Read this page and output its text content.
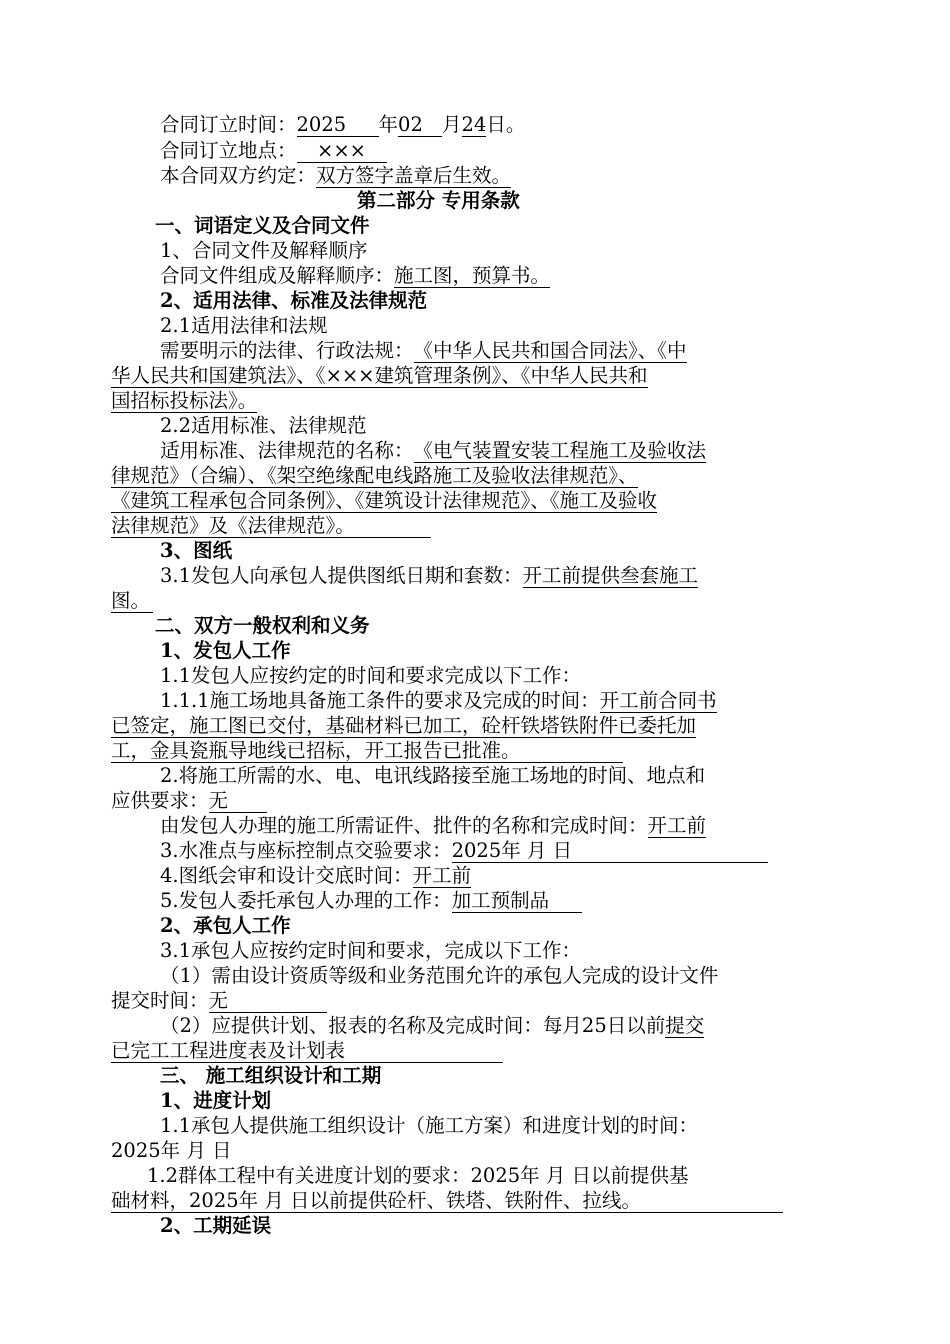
合同订立时间：2025年02月24日。
合同订立地点：×××
本合同双方约定：双方签字盖章后生效。
第二部分 专用条款
一、词语定义及合同文件
1、合同文件及解释顺序
合同文件组成及解释顺序：施工图，预算书。
2、适用法律、标准及法律规范
2.1适用法律和法规
需要明示的法律、行政法规：《中华人民共和国合同法》、《中
华人民共和国建筑法》、《×××建筑管理条例》、《中华人民共和
国招标投标法》。
2.2适用标准、法律规范
适用标准、法律规范的名称：《电气装置安装工程施工及验收法
律规范》（合编）、《架空绝缘配电线路施工及验收法律规范》、
《建筑工程承包合同条例》、《建筑设计法律规范》、《施工及验收
法律规范》及《法律规范》。
3、图纸
3.1发包人向承包人提供图纸日期和套数：开工前提供叁套施工
图。
二、双方一般权利和义务
1、发包人工作
1.1发包人应按约定的时间和要求完成以下工作：
1.1.1施工场地具备施工条件的要求及完成的时间：开工前合同书
已签定，施工图已交付，基础材料已加工，砼杆铁塔铁附件已委托加
工，金具瓷瓶导地线已招标，开工报告已批准。
2.将施工所需的水、电、电讯线路接至施工场地的时间、地点和
应供要求：无
由发包人办理的施工所需证件、批件的名称和完成时间：开工前
3.水准点与座标控制点交验要求：2025年 月 日
4.图纸会审和设计交底时间：开工前
5.发包人委托承包人办理的工作：加工预制品
2、承包人工作
3.1承包人应按约定时间和要求，完成以下工作：
（1）需由设计资质等级和业务范围允许的承包人完成的设计文件
提交时间：无
（2）应提供计划、报表的名称及完成时间：每月25日以前提交
已完工工程进度表及计划表
三、 施工组织设计和工期
1、进度计划
1.1承包人提供施工组织设计（施工方案）和进度计划的时间：
2025年 月 日
1.2群体工程中有关进度计划的要求：2025年 月 日以前提供基
础材料，2025年 月 日以前提供砼杆、铁塔、铁附件、拉线。
2、工期延误
